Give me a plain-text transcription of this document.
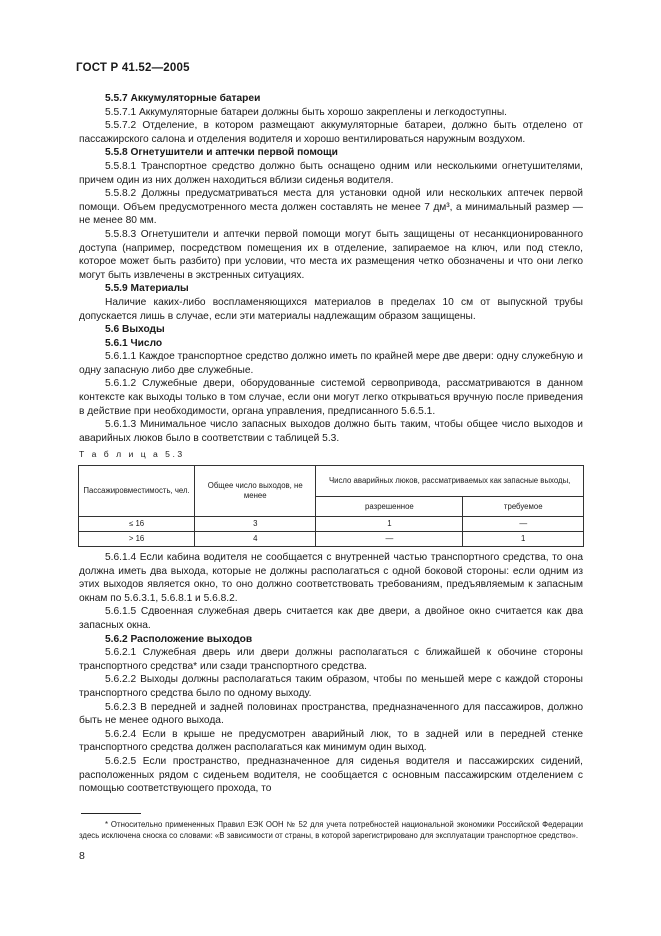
ГОСТ Р 41.52—2005

5.5.7 Аккумуляторные батареи

5.5.7.1 Аккумуляторные батареи должны быть хорошо закреплены и легкодоступны.

5.5.7.2 Отделение, в котором размещают аккумуляторные батареи, должно быть отделено от пассажирского салона и отделения водителя и хорошо вентилироваться наружным воздухом.

5.5.8 Огнетушители и аптечки первой помощи

5.5.8.1 Транспортное средство должно быть оснащено одним или несколькими огнетушителями, причем один из них должен находиться вблизи сиденья водителя.

5.5.8.2 Должны предусматриваться места для установки одной или нескольких аптечек первой помощи. Объем предусмотренного места должен составлять не менее 7 дм³, а минимальный размер — не менее 80 мм.

5.5.8.3 Огнетушители и аптечки первой помощи могут быть защищены от несанкционированного доступа (например, посредством помещения их в отделение, запираемое на ключ, или под стекло, которое может быть разбито) при условии, что места их размещения четко обозначены и что они легко могут быть извлечены в экстренных ситуациях.

5.5.9 Материалы

Наличие каких-либо воспламеняющихся материалов в пределах 10 см от выпускной трубы допускается лишь в случае, если эти материалы надлежащим образом защищены.

5.6 Выходы

5.6.1 Число

5.6.1.1 Каждое транспортное средство должно иметь по крайней мере две двери: одну служебную и одну запасную либо две служебные.

5.6.1.2 Служебные двери, оборудованные системой сервопривода, рассматриваются в данном контексте как выходы только в том случае, если они могут легко открываться вручную после приведения в действие при необходимости, органа управления, предписанного 5.6.5.1.

5.6.1.3 Минимальное число запасных выходов должно быть таким, чтобы общее число выходов и аварийных люков было в соответствии с таблицей 5.3.

Т а б л и ц а 5.3
Пассажировместимость, чел.	Общее число выходов, не менее	Число аварийных люков, рассматриваемых как запасные выходы,	
		разрешенное	требуемое
≤ 16	3	1	—
> 16	4	—	1

5.6.1.4 Если кабина водителя не сообщается с внутренней частью транспортного средства, то она должна иметь два выхода, которые не должны располагаться с одной боковой стороны: если одним из этих выходов является окно, то оно должно соответствовать требованиям, предъявляемым к запасным окнам по 5.6.3.1, 5.6.8.1 и 5.6.8.2.

5.6.1.5 Сдвоенная служебная дверь считается как две двери, а двойное окно считается как два запасных окна.

5.6.2 Расположение выходов

5.6.2.1 Служебная дверь или двери должны располагаться с ближайшей к обочине стороны транспортного средства* или сзади транспортного средства.

5.6.2.2 Выходы должны располагаться таким образом, чтобы по меньшей мере с каждой стороны транспортного средства было по одному выходу.

5.6.2.3 В передней и задней половинах пространства, предназначенного для пассажиров, должно быть не менее одного выхода.

5.6.2.4 Если в крыше не предусмотрен аварийный люк, то в задней или в передней стенке транспортного средства должен располагаться как минимум один выход.

5.6.2.5 Если пространство, предназначенное для сиденья водителя и пассажирских сидений, расположенных рядом с сиденьем водителя, не сообщается с основным пассажирским отделением с помощью соответствующего прохода, то

* Относительно примененных Правил ЕЭК ООН № 52 для учета потребностей национальной экономики Российской Федерации здесь исключена сноска со словами: «В зависимости от страны, в которой зарегистрировано для эксплуатации транспортное средство».

8
